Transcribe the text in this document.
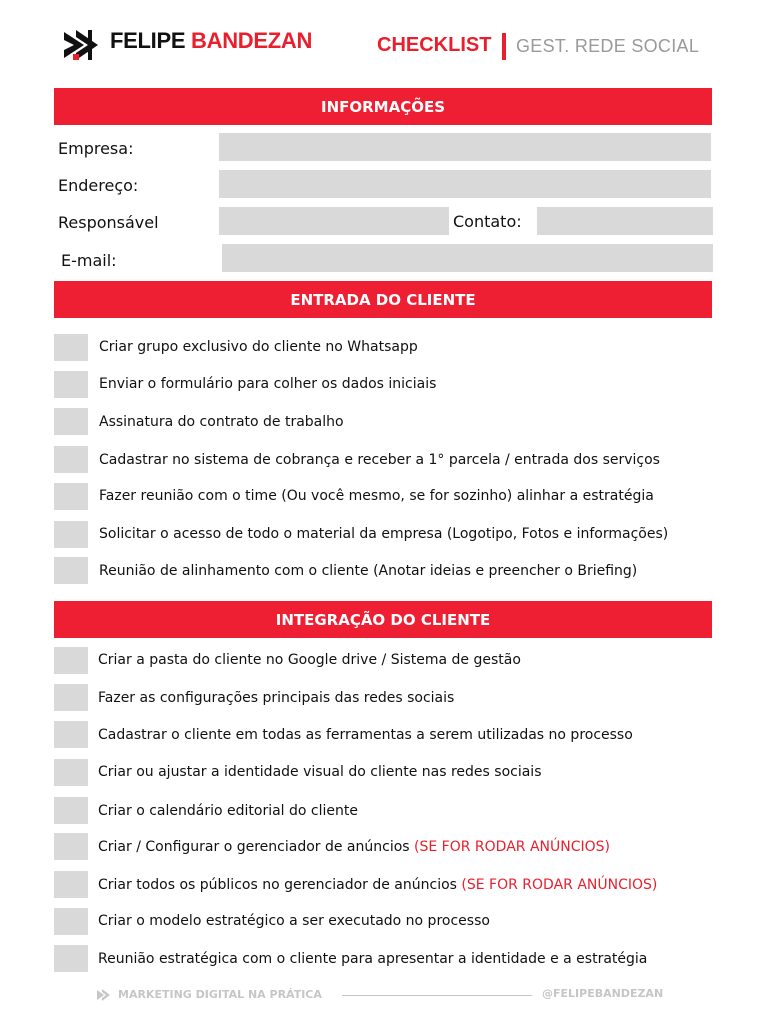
FELIPE BANDEZAN	CHECKLIST GEST. REDE SOCIAL
INFORMAÇÕES
Empresa:
Endereço:
Responsável	Contato:
E-mail:
ENTRADA DO CLIENTE
Criar grupo exclusivo do cliente no Whatsapp
Enviar o formulário para colher os dados iniciais
Assinatura do contrato de trabalho
Cadastrar no sistema de cobrança e receber a 1° parcela / entrada dos serviços
Fazer reunião com o time (Ou você mesmo, se for sozinho) alinhar a estratégia
Solicitar o acesso de todo o material da empresa (Logotipo, Fotos e informações)
Reunião de alinhamento com o cliente (Anotar ideias e preencher o Briefing)
INTEGRAÇÃO DO CLIENTE
Criar a pasta do cliente no Google drive / Sistema de gestão
Fazer as configurações principais das redes sociais
Cadastrar o cliente em todas as ferramentas a serem utilizadas no processo
Criar ou ajustar a identidade visual do cliente nas redes sociais
Criar o calendário editorial do cliente
Criar / Configurar o gerenciador de anúncios (SE FOR RODAR ANÚNCIOS)
Criar todos os públicos no gerenciador de anúncios (SE FOR RODAR ANÚNCIOS)
Criar o modelo estratégico a ser executado no processo
Reunião estratégica com o cliente para apresentar a identidade e a estratégia
MARKETING DIGITAL NA PRÁTICA	@FELIPEBANDEZAN
